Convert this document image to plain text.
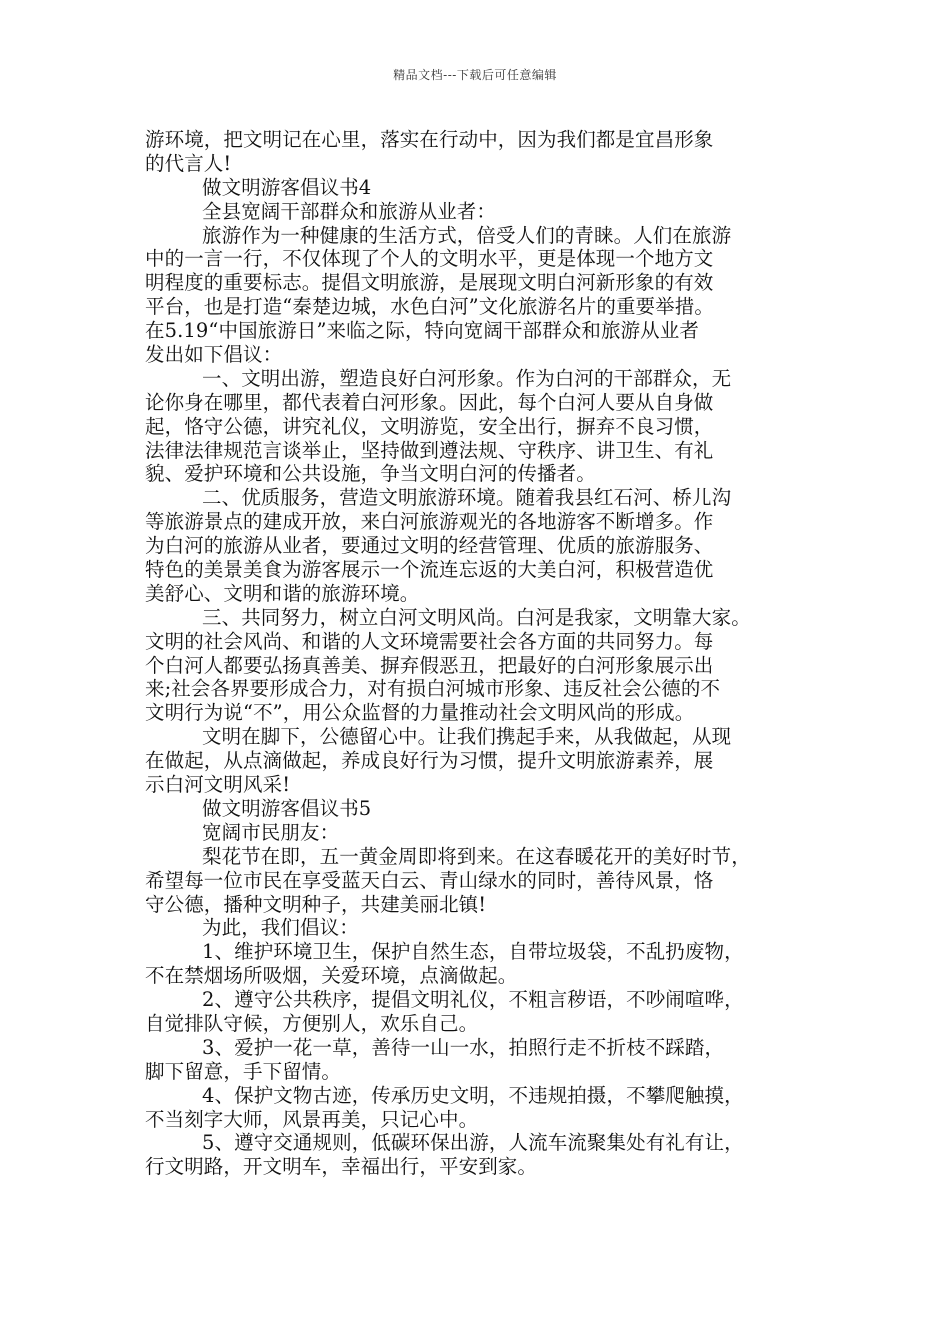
精品文档---下载后可任意编辑
游环境，把文明记在心里，落实在行动中，因为我们都是宜昌形象
的代言人!
做文明游客倡议书4
全县宽阔干部群众和旅游从业者：
旅游作为一种健康的生活方式，倍受人们的青睐。人们在旅游
中的一言一行，不仅体现了个人的文明水平，更是体现一个地方文
明程度的重要标志。提倡文明旅游，是展现文明白河新形象的有效
平台，也是打造“秦楚边城，水色白河”文化旅游名片的重要举措。
在5.19“中国旅游日”来临之际，特向宽阔干部群众和旅游从业者
发出如下倡议：
一、文明出游，塑造良好白河形象。作为白河的干部群众，无
论你身在哪里，都代表着白河形象。因此，每个白河人要从自身做
起，恪守公德，讲究礼仪，文明游览，安全出行，摒弃不良习惯，
法律法律规范言谈举止，坚持做到遵法规、守秩序、讲卫生、有礼
貌、爱护环境和公共设施，争当文明白河的传播者。
二、优质服务，营造文明旅游环境。随着我县红石河、桥儿沟
等旅游景点的建成开放，来白河旅游观光的各地游客不断增多。作
为白河的旅游从业者，要通过文明的经营管理、优质的旅游服务、
特色的美景美食为游客展示一个流连忘返的大美白河，积极营造优
美舒心、文明和谐的旅游环境。
三、共同努力，树立白河文明风尚。白河是我家，文明靠大家。
文明的社会风尚、和谐的人文环境需要社会各方面的共同努力。每
个白河人都要弘扬真善美、摒弃假恶丑，把最好的白河形象展示出
来;社会各界要形成合力，对有损白河城市形象、违反社会公德的不
文明行为说“不”，用公众监督的力量推动社会文明风尚的形成。
文明在脚下，公德留心中。让我们携起手来，从我做起，从现
在做起，从点滴做起，养成良好行为习惯，提升文明旅游素养，展
示白河文明风采!
做文明游客倡议书5
宽阔市民朋友：
梨花节在即，五一黄金周即将到来。在这春暖花开的美好时节，
希望每一位市民在享受蓝天白云、青山绿水的同时，善待风景，恪
守公德，播种文明种子，共建美丽北镇!
为此，我们倡议：
1、维护环境卫生，保护自然生态，自带垃圾袋，不乱扔废物，
不在禁烟场所吸烟，关爱环境，点滴做起。
2、遵守公共秩序，提倡文明礼仪，不粗言秽语，不吵闹喧哗，
自觉排队守候，方便别人，欢乐自己。
3、爱护一花一草，善待一山一水，拍照行走不折枝不踩踏，
脚下留意，手下留情。
4、保护文物古迹，传承历史文明，不违规拍摄，不攀爬触摸，
不当刻字大师，风景再美，只记心中。
5、遵守交通规则，低碳环保出游，人流车流聚集处有礼有让，
行文明路，开文明车，幸福出行，平安到家。
